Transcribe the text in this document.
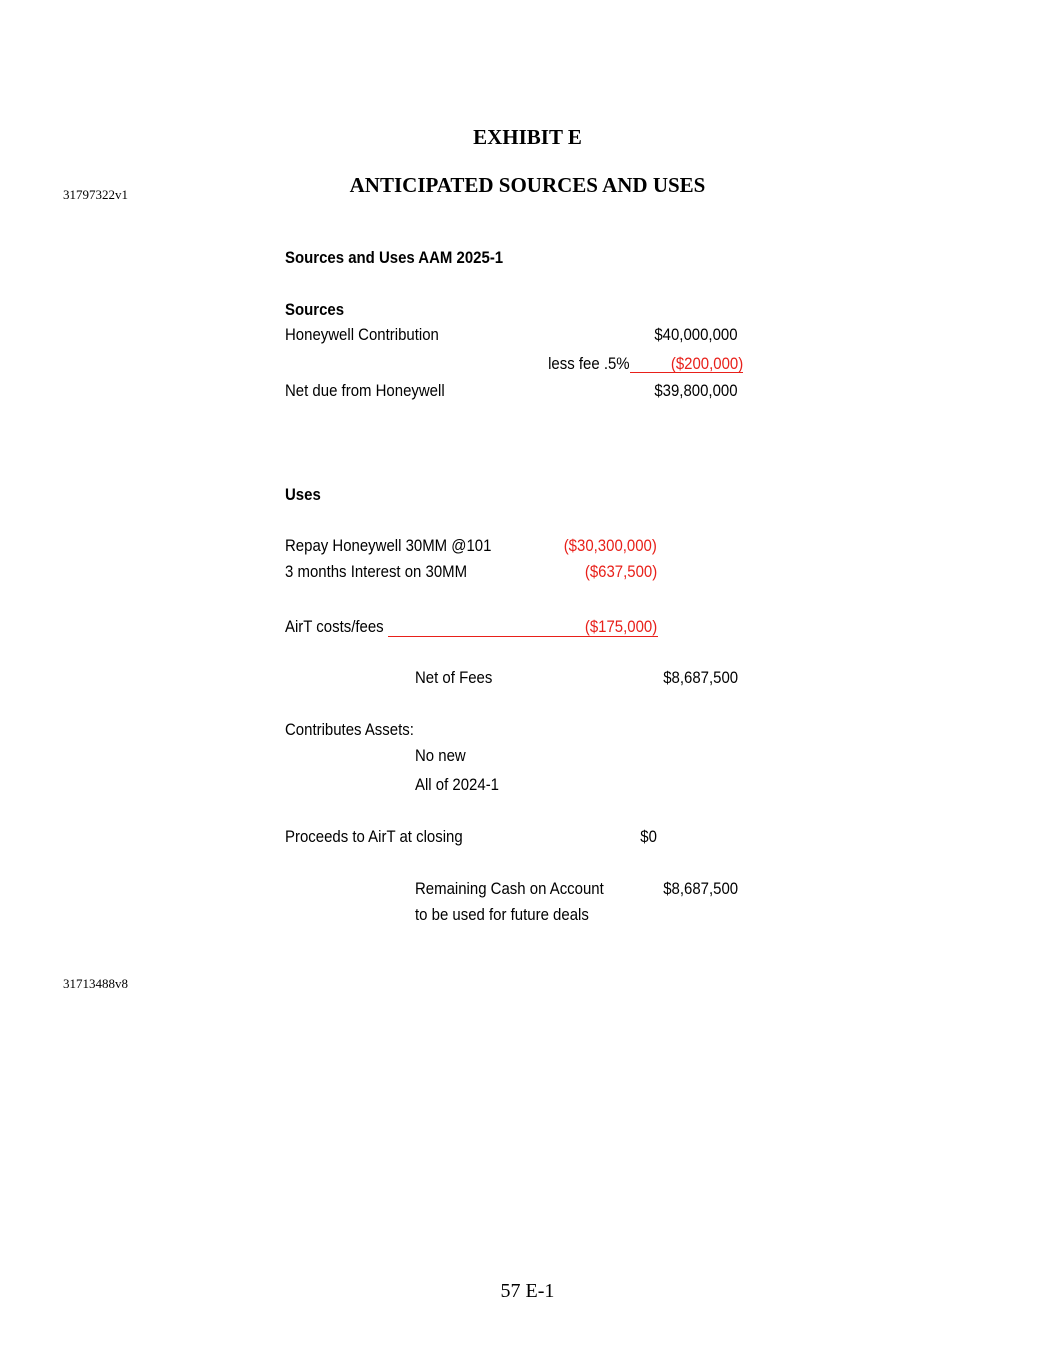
EXHIBIT E
ANTICIPATED SOURCES AND USES
31797322v1
Sources and Uses AAM 2025-1
Sources
Honeywell Contribution	$40,000,000
less fee .5% ($200,000)
Net due from Honeywell	$39,800,000
Uses
Repay Honeywell 30MM @101	($30,300,000)
3 months Interest on 30MM	($637,500)
AirT costs/fees	($175,000)
Net of Fees	$8,687,500
Contributes Assets:
No new
All of 2024-1
Proceeds to AirT at closing	$0
Remaining Cash on Account	$8,687,500
to be used for future deals
31713488v8
57 E-1
